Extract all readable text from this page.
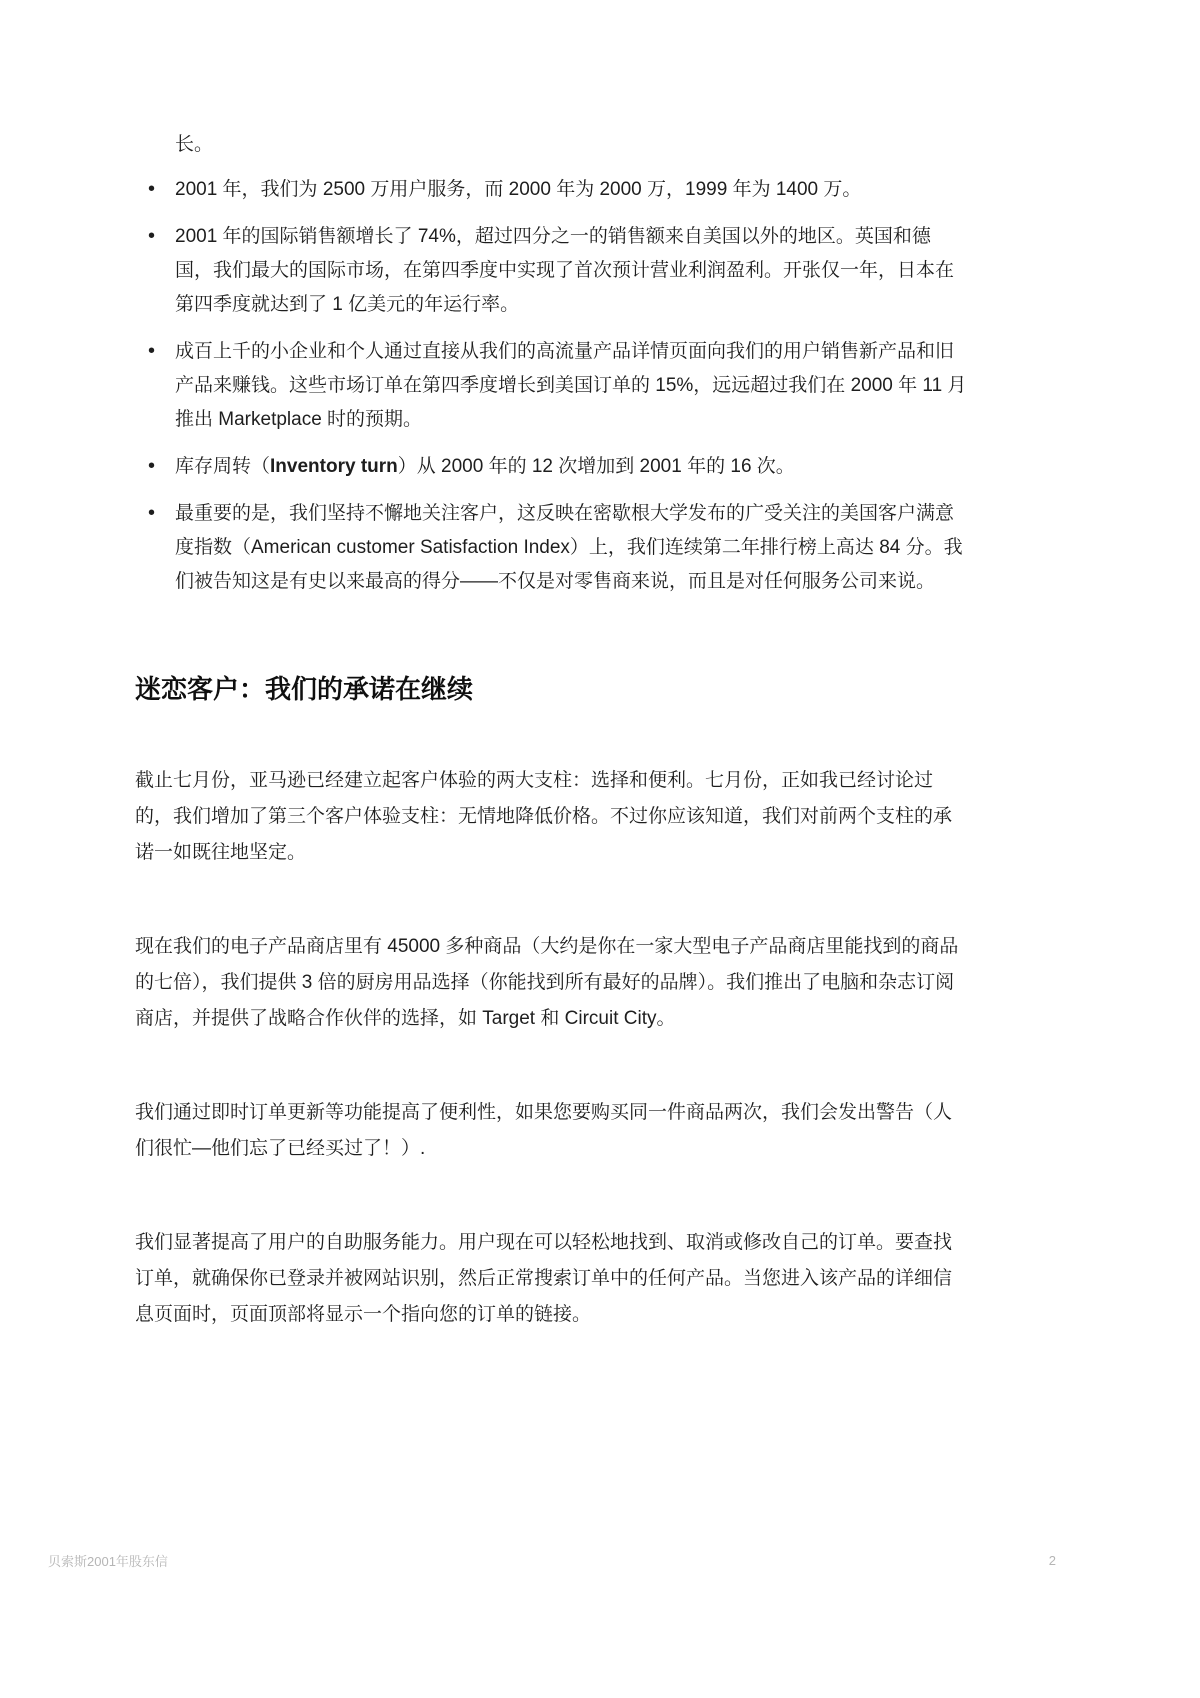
长。

• 2001 年，我们为 2500 万用户服务，而 2000 年为 2000 万，1999 年为 1400 万。
• 2001 年的国际销售额增长了 74%，超过四分之一的销售额来自美国以外的地区。英国和德国，我们最大的国际市场，在第四季度中实现了首次预计营业利润盈利。开张仅一年，日本在第四季度就达到了 1 亿美元的年运行率。
• 成百上千的小企业和个人通过直接从我们的高流量产品详情页面向我们的用户销售新产品和旧产品来赚钱。这些市场订单在第四季度增长到美国订单的 15%，远远超过我们在 2000 年 11 月推出 Marketplace 时的预期。
• 库存周转（Inventory turn）从 2000 年的 12 次增加到 2001 年的 16 次。
• 最重要的是，我们坚持不懈地关注客户，这反映在密歇根大学发布的广受关注的美国客户满意度指数（American customer Satisfaction Index）上，我们连续第二年排行榜上高达 84 分。我们被告知这是有史以来最高的得分——不仅是对零售商来说，而且是对任何服务公司来说。
迷恋客户：我们的承诺在继续

截止七月份，亚马逊已经建立起客户体验的两大支柱：选择和便利。七月份，正如我已经讨论过的，我们增加了第三个客户体验支柱：无情地降低价格。不过你应该知道，我们对前两个支柱的承诺一如既往地坚定。

现在我们的电子产品商店里有 45000 多种商品（大约是你在一家大型电子产品商店里能找到的商品的七倍），我们提供 3 倍的厨房用品选择（你能找到所有最好的品牌）。我们推出了电脑和杂志订阅商店，并提供了战略合作伙伴的选择，如 Target 和 Circuit City。

我们通过即时订单更新等功能提高了便利性，如果您要购买同一件商品两次，我们会发出警告（人们很忙—他们忘了已经买过了！）.

我们显著提高了用户的自助服务能力。用户现在可以轻松地找到、取消或修改自己的订单。要查找订单，就确保你已登录并被网站识别，然后正常搜索订单中的任何产品。当您进入该产品的详细信息页面时，页面顶部将显示一个指向您的订单的链接。

贝索斯2001年股东信	2
